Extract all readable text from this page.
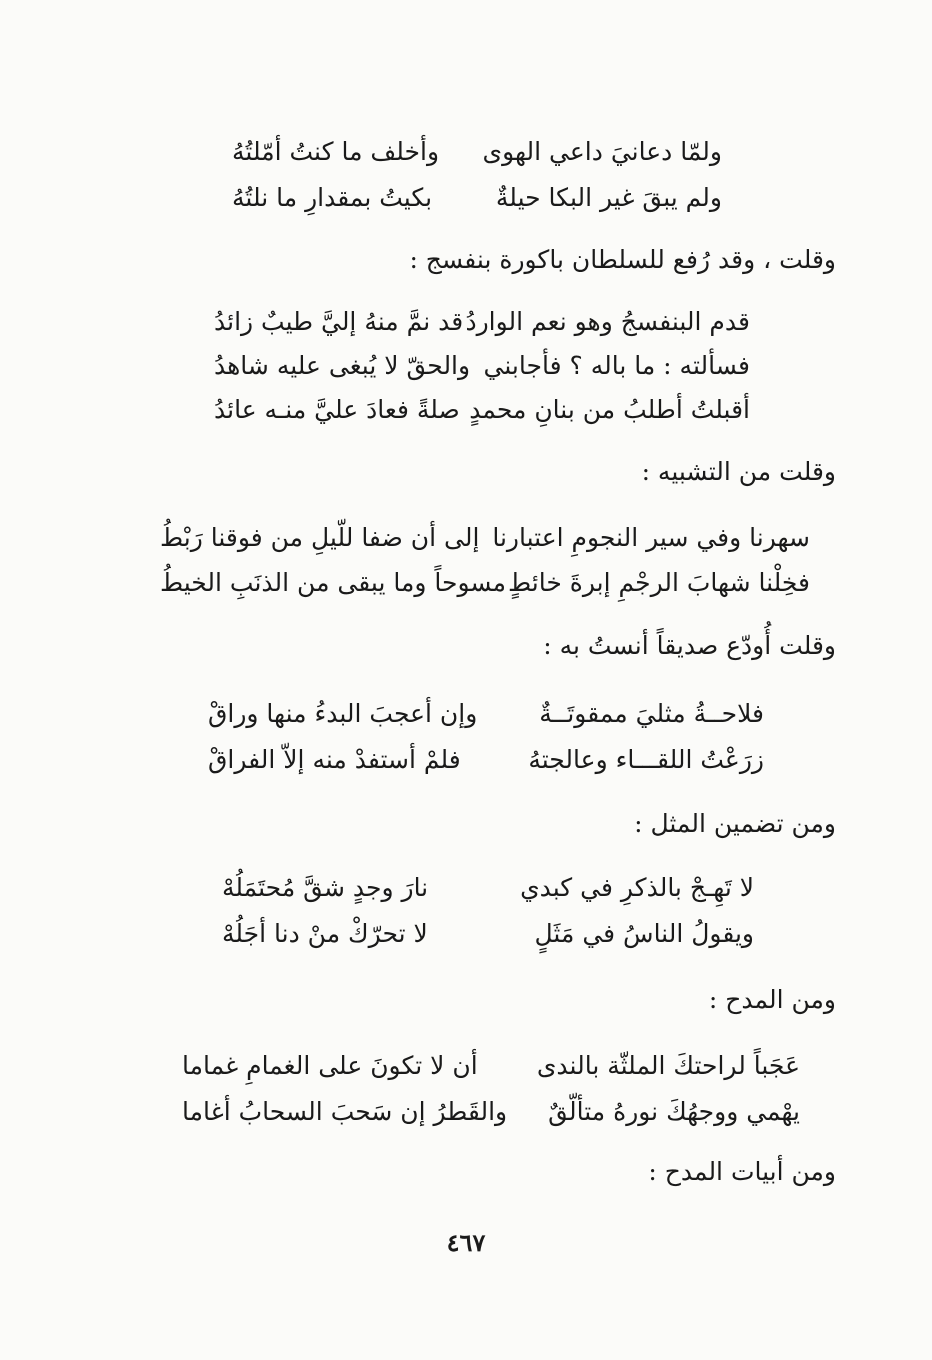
ولمّا دعانيَ داعي الهوى
وأخلف ما كنتُ أمّلتُهُ
ولم يبقَ غير البكا حيلةٌ
بكيتُ بمقدارِ ما نلتُهُ
وقلت ، وقد رُفع للسلطان باكورة بنفسج :
قدم البنفسجُ وهو نعم الواردُ
قد نمَّ منهُ إليَّ طيبٌ زائدُ
فسألته : ما باله ؟ فأجابني
والحقّ لا يُبغى عليه شاهدُ
أقبلتُ أطلبُ من بنانِ محمدٍ
صلةً فعادَ عليَّ منـه عائدُ
وقلت من التشبيه :
سهرنا وفي سير النجومِ اعتبارنا
إلى أن ضفا للّيلِ من فوقنا رَبْطُ
فخِلْنا شهابَ الرجْمِ إبرةَ خائطٍ
مسوحاً وما يبقى من الذنَبِ الخيطُ
وقلت أُودّع صديقاً أنستُ به :
فلاحــةُ مثليَ ممقوتَــةٌ
وإن أعجبَ البدءُ منها وراقْ
زرَعْتُ اللقـــاء وعالجتهُ
فلمْ أستفدْ منه إلاّ الفراقْ
ومن تضمين المثل :
لا تَهِـجْ بالذكرِ في كبدي
نارَ وجدٍ شقَّ مُحتَمَلُهْ
ويقولُ الناسُ في مَثَلٍ
لا تحرّكْ منْ دنا أجَلُهْ
ومن المدح :
عَجَباً لراحتكَ الملثّة بالندى
أن لا تكونَ على الغمامِ غماما
يهْمي ووجهُكَ نورهُ متألّقٌ
والقَطرُ إن سَحبَ السحابُ أغاما
ومن أبيات المدح :
٤٦٧
